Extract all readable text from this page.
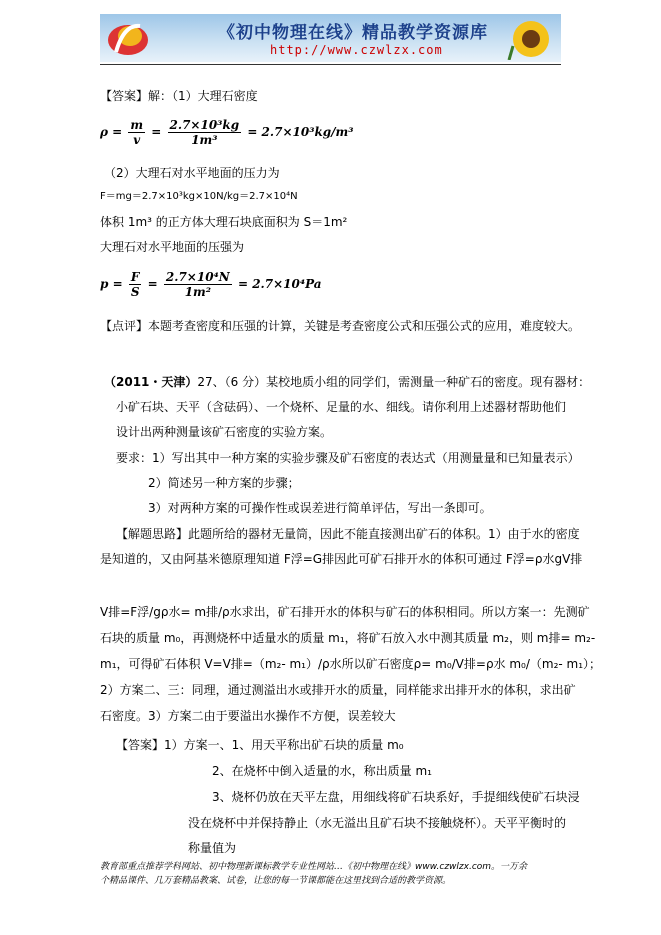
《初中物理在线》精品教学资源库
http://www.czwlzx.com
【答案】解：（1）大理石密度
$\rho = \frac{m}{v} = \frac{\text{2.7×10³kg}}{\text{1m³}} = 2.7\times 10^3kg/m^3$
（2）大理石对水平地面的压力为
F＝mg＝2.7×10³kg×10N/kg＝2.7×10⁴N
体积 1m³ 的正方体大理石块底面积为 S＝1m²
大理石对水平地面的压强为
$p = \frac{F}{S} = \frac{\text{2.7×10⁴N}}{\text{1m²}} = 2.7\times 10^4Pa$
【点评】本题考查密度和压强的计算，关键是考查密度公式和压强公式的应用，难度较大。
（2011・天津）27、（6 分）某校地质小组的同学们，需测量一种矿石的密度。现有器材：
小矿石块、天平（含砝码）、一个烧杯、足量的水、细线。请你利用上述器材帮助他们
设计出两种测量该矿石密度的实验方案。
要求：1）写出其中一种方案的实验步骤及矿石密度的表达式（用测量量和已知量表示）
2）简述另一种方案的步骤；
3）对两种方案的可操作性或误差进行简单评估，写出一条即可。
【解题思路】此题所给的器材无量筒，因此不能直接测出矿石的体积。1）由于水的密度
是知道的，又由阿基米德原理知道 F浮=G排因此可矿石排开水的体积可通过 F浮=ρ水gV排
V排=F浮/gρ水= m排/ρ水求出，矿石排开水的体积与矿石的体积相同。所以方案一：先测矿
石块的质量 m₀，再测烧杯中适量水的质量 m₁，将矿石放入水中测其质量 m₂，则 m排= m₂-
m₁，可得矿石体积 V=V排=（m₂- m₁）/ρ水所以矿石密度ρ= m₀/V排=ρ水 m₀/（m₂- m₁）；
2）方案二、三：同理，通过测溢出水或排开水的质量，同样能求出排开水的体积，求出矿
石密度。3）方案二由于要溢出水操作不方便，误差较大
【答案】1）方案一、1、用天平称出矿石块的质量 m₀
2、在烧杯中倒入适量的水，称出质量 m₁
3、烧杯仍放在天平左盘，用细线将矿石块系好，手提细线使矿石块浸
没在烧杯中并保持静止（水无溢出且矿石块不接触烧杯）。天平平衡时的
称量值为
教育部重点推荐学科网站、初中物理新课标教学专业性网站…《初中物理在线》www.czwlzx.com。一万余
个精品课件、几万套精品教案、试卷，让您的每一节课都能在这里找到合适的教学资源。
